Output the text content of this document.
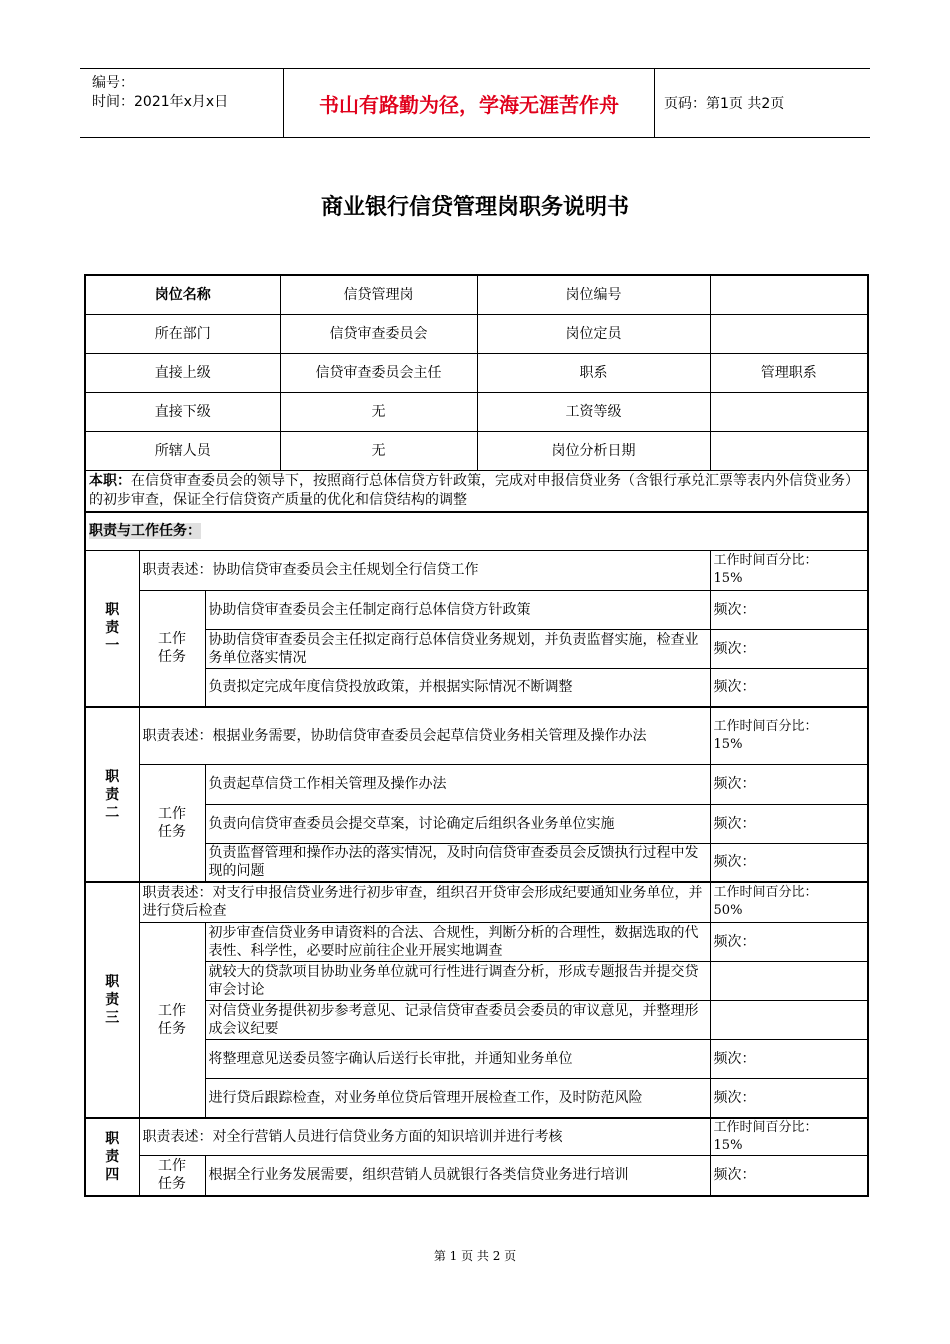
编号：
时间：2021年x月x日	书山有路勤为径，学海无涯苦作舟	页码：第1页 共2页
商业银行信贷管理岗职务说明书
岗位名称			信贷管理岗	岗位编号	
所在部门			信贷审查委员会	岗位定员	
直接上级			信贷审查委员会主任	职系	管理职系
直接下级			无	工资等级	
所辖人员			无	岗位分析日期	
本职：在信贷审查委员会的领导下，按照商行总体信贷方针政策，完成对申报信贷业务（含银行承兑汇票等表内外信贷业务）的初步审查，保证全行信贷资产质量的优化和信贷结构的调整					
职责与工作任务：					
职责一	职责表述：协助信贷审查委员会主任规划全行信贷工作				工作时间百分比：
15%

	工作任务	协助信贷审查委员会主任制定商行总体信贷方针政策			频次：
		协助信贷审查委员会主任拟定商行总体信贷业务规划，并负责监督实施，检查业务单位落实情况			频次：
		负责拟定完成年度信贷投放政策，并根据实际情况不断调整			频次：
职责二	职责表述：根据业务需要，协助信贷审查委员会起草信贷业务相关管理及操作办法				工作时间百分比：
15%

	工作任务	负责起草信贷工作相关管理及操作办法			频次：
		负责向信贷审查委员会提交草案，讨论确定后组织各业务单位实施			频次：
		负责监督管理和操作办法的落实情况，及时向信贷审查委员会反馈执行过程中发现的问题			频次：
职责三	职责表述：对支行申报信贷业务进行初步审查，组织召开贷审会形成纪要通知业务单位，并进行贷后检查				工作时间百分比：
50%

	工作任务	初步审查信贷业务申请资料的合法、合规性，判断分析的合理性，数据选取的代表性、科学性，必要时应前往企业开展实地调查			频次：
		就较大的贷款项目协助业务单位就可行性进行调查分析，形成专题报告并提交贷审会讨论			
		对信贷业务提供初步参考意见、记录信贷审查委员会委员的审议意见，并整理形成会议纪要			
		将整理意见送委员签字确认后送行长审批，并通知业务单位			频次：
		进行贷后跟踪检查，对业务单位贷后管理开展检查工作，及时防范风险			频次：
职责四	职责表述：对全行营销人员进行信贷业务方面的知识培训并进行考核				工作时间百分比：
15%

	工作任务	根据全行业务发展需要，组织营销人员就银行各类信贷业务进行培训			频次：
第 1 页 共 2 页
